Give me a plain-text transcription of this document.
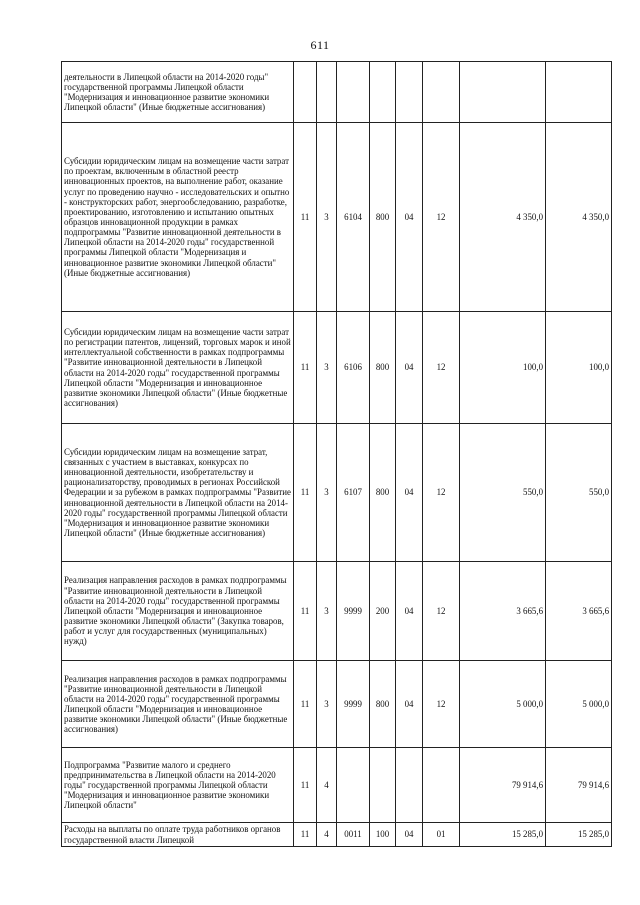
611
деятельности в Липецкой области на 2014-2020 годы" государственной программы Липецкой области "Модернизация и инновационное развитие экономики Липецкой области" (Иные бюджетные ассигнования)								
Субсидии юридическим лицам на возмещение части затрат по проектам, включенным в областной реестр инновационных проектов, на выполнение работ, оказание услуг по проведению научно - исследовательских и опытно - конструкторских работ, энергообследованию, разработке, проектированию, изготовлению и испытанию опытных образцов инновационной продукции в рамках подпрограммы "Развитие инновационной деятельности в Липецкой области на 2014-2020 годы" государственной программы Липецкой области "Модернизация и инновационное развитие экономики Липецкой области" (Иные бюджетные ассигнования)	11	3	6104	800	04	12	4 350,0	4 350,0
Субсидии юридическим лицам на возмещение части затрат по регистрации патентов, лицензий, торговых марок и иной интеллектуальной собственности в рамках подпрограммы "Развитие инновационной деятельности в Липецкой области на 2014-2020 годы" государственной программы Липецкой области "Модернизация и инновационное развитие экономики Липецкой области" (Иные бюджетные ассигнования)	11	3	6106	800	04	12	100,0	100,0
Субсидии юридическим лицам на возмещение затрат, связанных с участием в выставках, конкурсах по инновационной деятельности, изобретательству и рационализаторству, проводимых в регионах Российской Федерации и за рубежом в рамках подпрограммы "Развитие инновационной деятельности в Липецкой области на 2014-2020 годы" государственной программы Липецкой области "Модернизация и инновационное развитие экономики Липецкой области" (Иные бюджетные ассигнования)	11	3	6107	800	04	12	550,0	550,0
Реализация направления расходов в рамках подпрограммы "Развитие инновационной деятельности в Липецкой области на 2014-2020 годы" государственной программы Липецкой области "Модернизация и инновационное развитие экономики Липецкой области" (Закупка товаров, работ и услуг для государственных (муниципальных) нужд)	11	3	9999	200	04	12	3 665,6	3 665,6
Реализация направления расходов в рамках подпрограммы "Развитие инновационной деятельности в Липецкой области на 2014-2020 годы" государственной программы Липецкой области "Модернизация и инновационное развитие экономики Липецкой области" (Иные бюджетные ассигнования)	11	3	9999	800	04	12	5 000,0	5 000,0
Подпрограмма "Развитие малого и среднего предпринимательства в Липецкой области на 2014-2020 годы" государственной программы Липецкой области "Модернизация и инновационное развитие экономики Липецкой области"	11	4					79 914,6	79 914,6
Расходы на выплаты по оплате труда работников органов государственной власти Липецкой	11	4	0011	100	04	01	15 285,0	15 285,0
